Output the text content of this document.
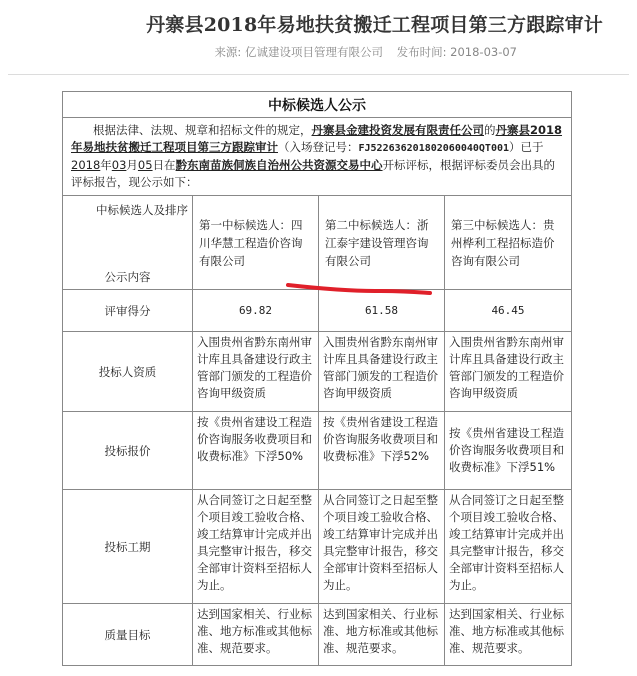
丹寨县2018年易地扶贫搬迁工程项目第三方跟踪审计
来源: 亿诚建设项目管理有限公司 发布时间: 2018-03-07
中标候选人公示			
根据法律、法规、规章和招标文件的规定，丹寨县金建投资发展有限责任公司的丹寨县2018年易地扶贫搬迁工程项目第三方跟踪审计（入场登记号：FJ522636201802060040QT001）已于2018年03月05日在黔东南苗族侗族自治州公共资源交易中心开标评标，根据评标委员会出具的评标报告，现公示如下：			

中标候选人及排序
公示内容	第一中标候选人：四川华慧工程造价咨询有限公司	第二中标候选人：浙江泰宇建设管理咨询有限公司	第三中标候选人：贵州桦利工程招标造价咨询有限公司
评审得分	69.82	61.58	46.45
投标人资质	入围贵州省黔东南州审计库且具备建设行政主管部门颁发的工程造价咨询甲级资质	入围贵州省黔东南州审计库且具备建设行政主管部门颁发的工程造价咨询甲级资质	入围贵州省黔东南州审计库且具备建设行政主管部门颁发的工程造价咨询甲级资质
投标报价	按《贵州省建设工程造价咨询服务收费项目和收费标准》下浮50%	按《贵州省建设工程造价咨询服务收费项目和收费标准》下浮52%	按《贵州省建设工程造价咨询服务收费项目和收费标准》下浮51%
投标工期	从合同签订之日起至整个项目竣工验收合格、竣工结算审计完成并出具完整审计报告，移交全部审计资料至招标人为止。	从合同签订之日起至整个项目竣工验收合格、竣工结算审计完成并出具完整审计报告，移交全部审计资料至招标人为止。	从合同签订之日起至整个项目竣工验收合格、竣工结算审计完成并出具完整审计报告，移交全部审计资料至招标人为止。
质量目标	达到国家相关、行业标准、地方标准或其他标准、规范要求。	达到国家相关、行业标准、地方标准或其他标准、规范要求。	达到国家相关、行业标准、地方标准或其他标准、规范要求。
